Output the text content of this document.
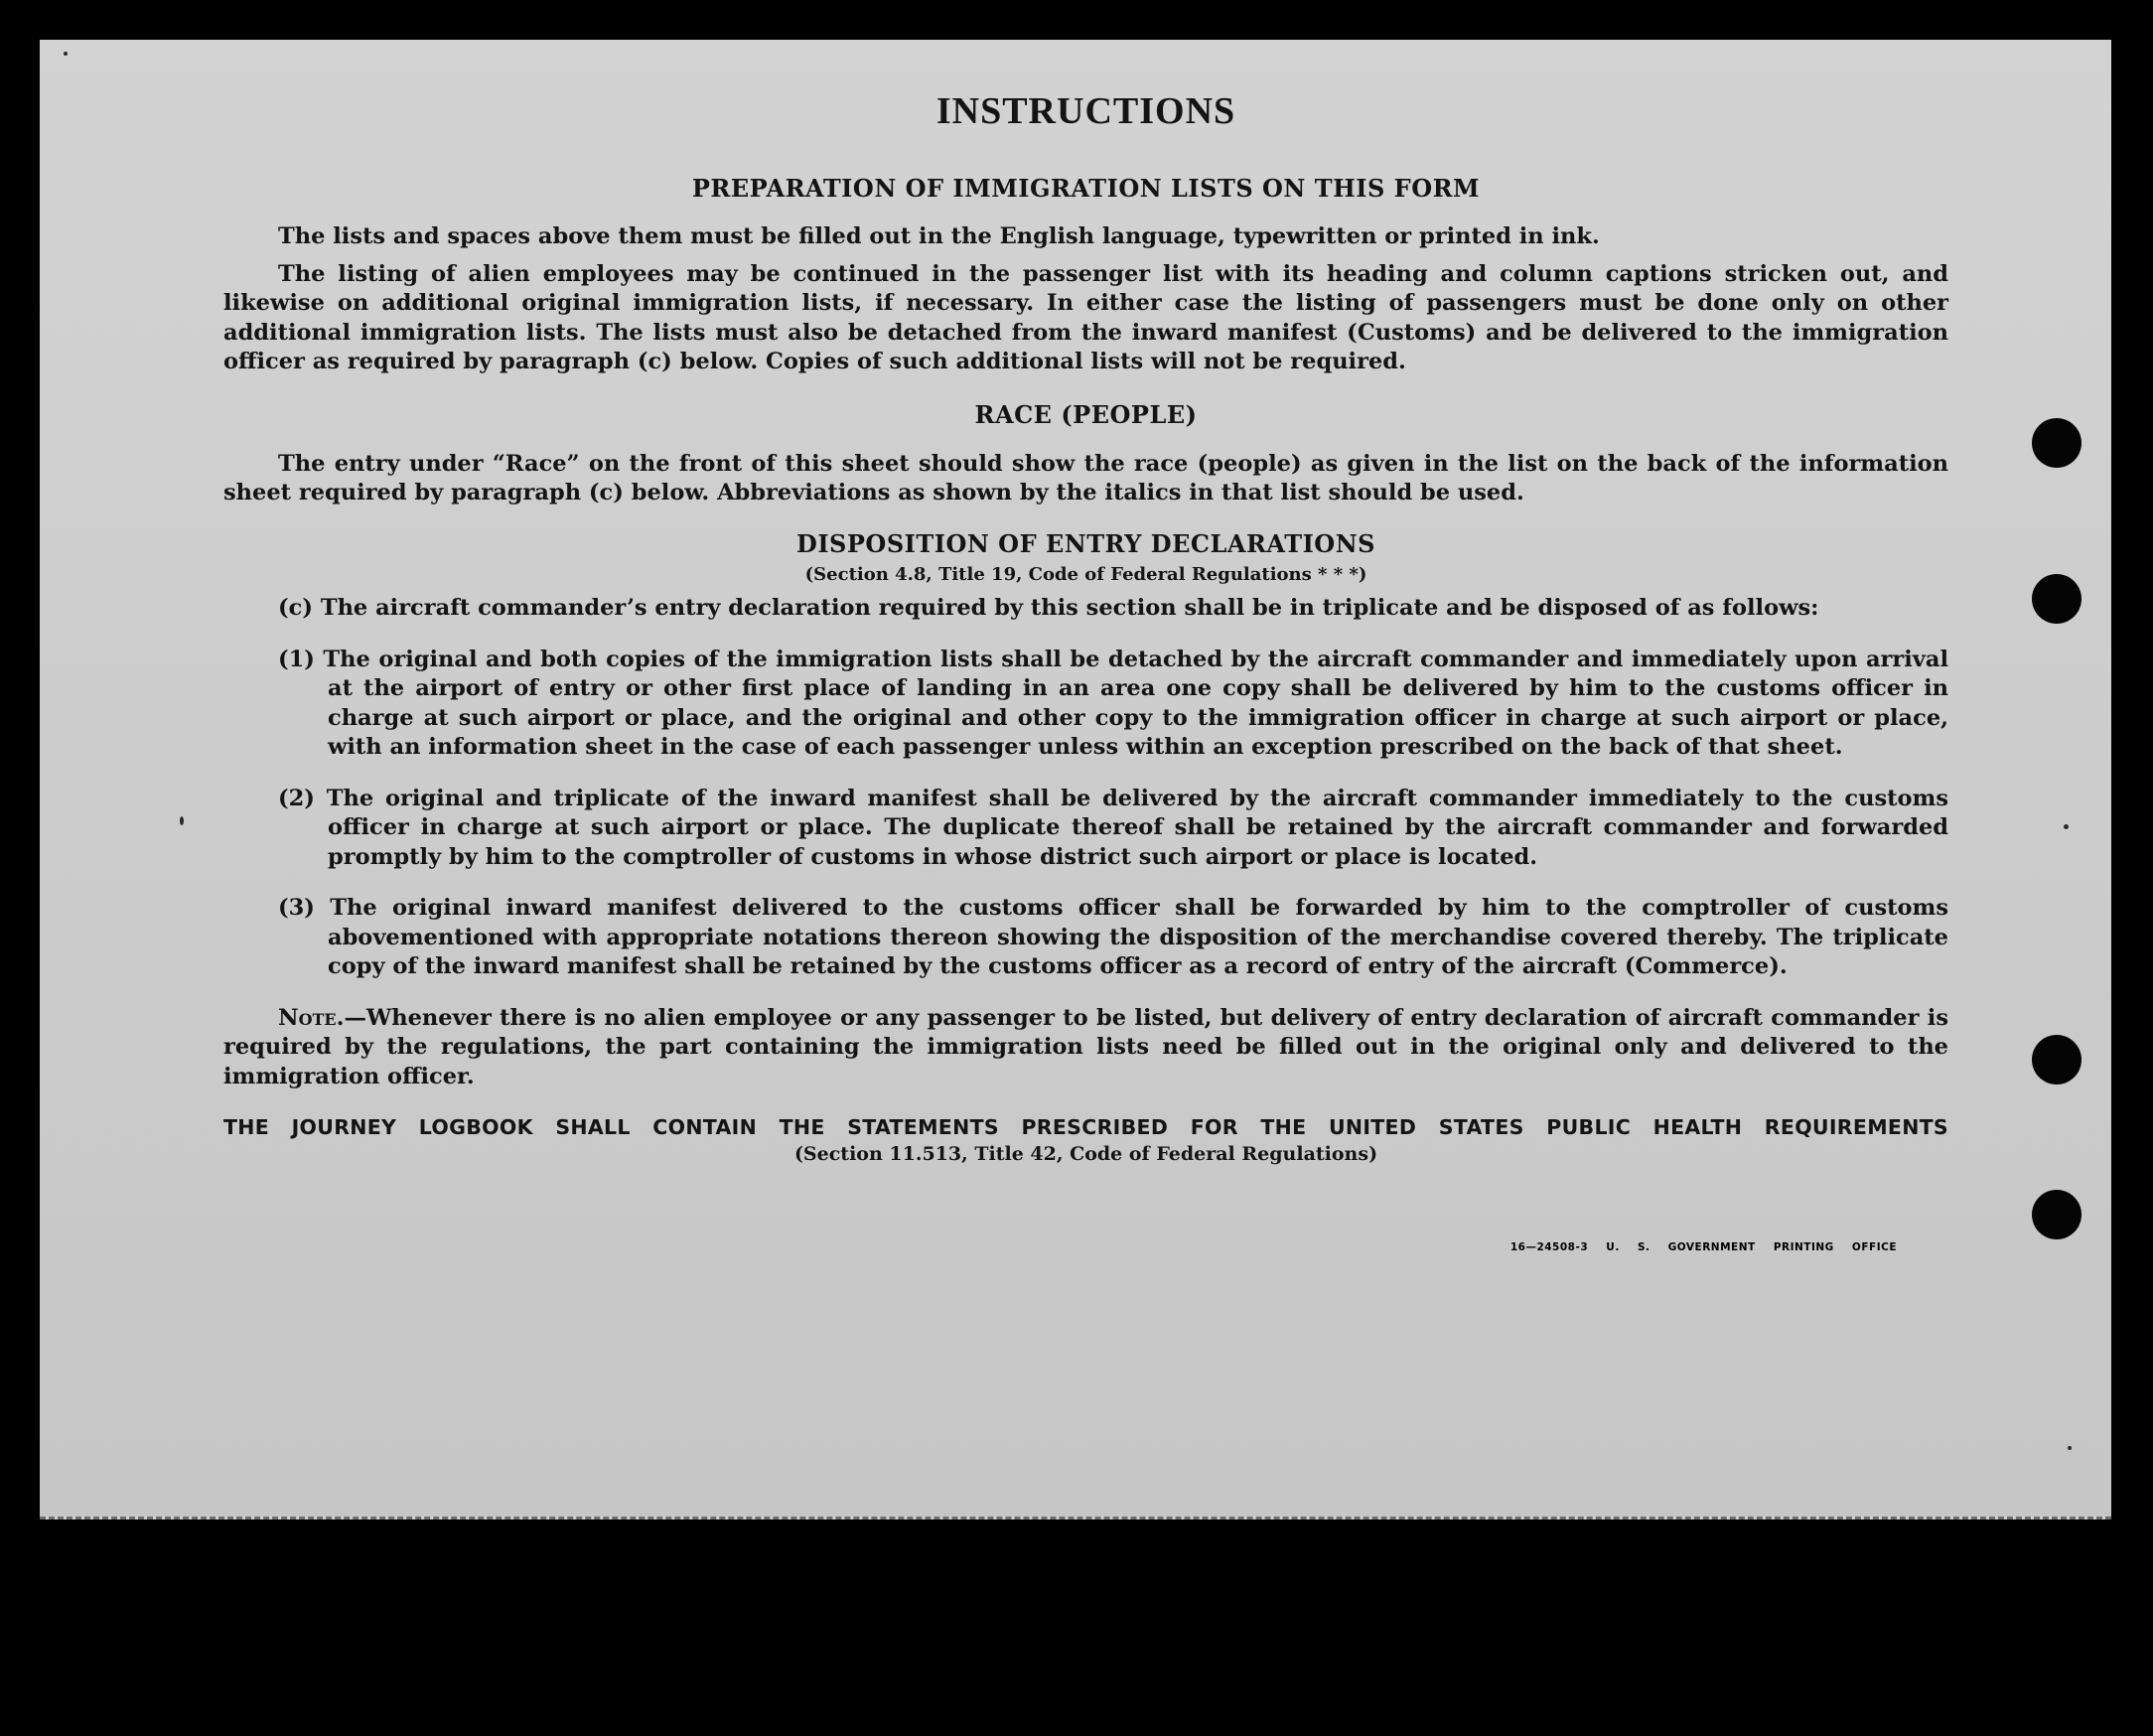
INSTRUCTIONS
PREPARATION OF IMMIGRATION LISTS ON THIS FORM

The lists and spaces above them must be filled out in the English language, typewritten or printed in ink.

The listing of alien employees may be continued in the passenger list with its heading and column captions stricken out, and likewise on additional original immigration lists, if necessary. In either case the listing of passengers must be done only on other additional immigration lists. The lists must also be detached from the inward manifest (Customs) and be delivered to the immigration officer as required by paragraph (c) below. Copies of such additional lists will not be required.

RACE (PEOPLE)

The entry under “Race” on the front of this sheet should show the race (people) as given in the list on the back of the information sheet required by paragraph (c) below. Abbreviations as shown by the italics in that list should be used.

DISPOSITION OF ENTRY DECLARATIONS
(Section 4.8, Title 19, Code of Federal Regulations * * *)

(c) The aircraft commander’s entry declaration required by this section shall be in triplicate and be disposed of as follows:

(1) The original and both copies of the immigration lists shall be detached by the aircraft commander and immediately upon arrival at the airport of entry or other first place of landing in an area one copy shall be delivered by him to the customs officer in charge at such airport or place, and the original and other copy to the immigration officer in charge at such airport or place, with an information sheet in the case of each passenger unless within an exception prescribed on the back of that sheet.

(2) The original and triplicate of the inward manifest shall be delivered by the aircraft commander immediately to the customs officer in charge at such airport or place. The duplicate thereof shall be retained by the aircraft commander and forwarded promptly by him to the comptroller of customs in whose district such airport or place is located.

(3) The original inward manifest delivered to the customs officer shall be forwarded by him to the comptroller of customs abovementioned with appropriate notations thereon showing the disposition of the merchandise covered thereby. The triplicate copy of the inward manifest shall be retained by the customs officer as a record of entry of the aircraft (Commerce).

Note.—Whenever there is no alien employee or any passenger to be listed, but delivery of entry declaration of aircraft commander is required by the regulations, the part containing the immigration lists need be filled out in the original only and delivered to the immigration officer.

THE JOURNEY LOGBOOK SHALL CONTAIN THE STATEMENTS PRESCRIBED FOR THE UNITED STATES PUBLIC HEALTH REQUIREMENTS
(Section 11.513, Title 42, Code of Federal Regulations)
16—24508-3 U. S. GOVERNMENT PRINTING OFFICE
